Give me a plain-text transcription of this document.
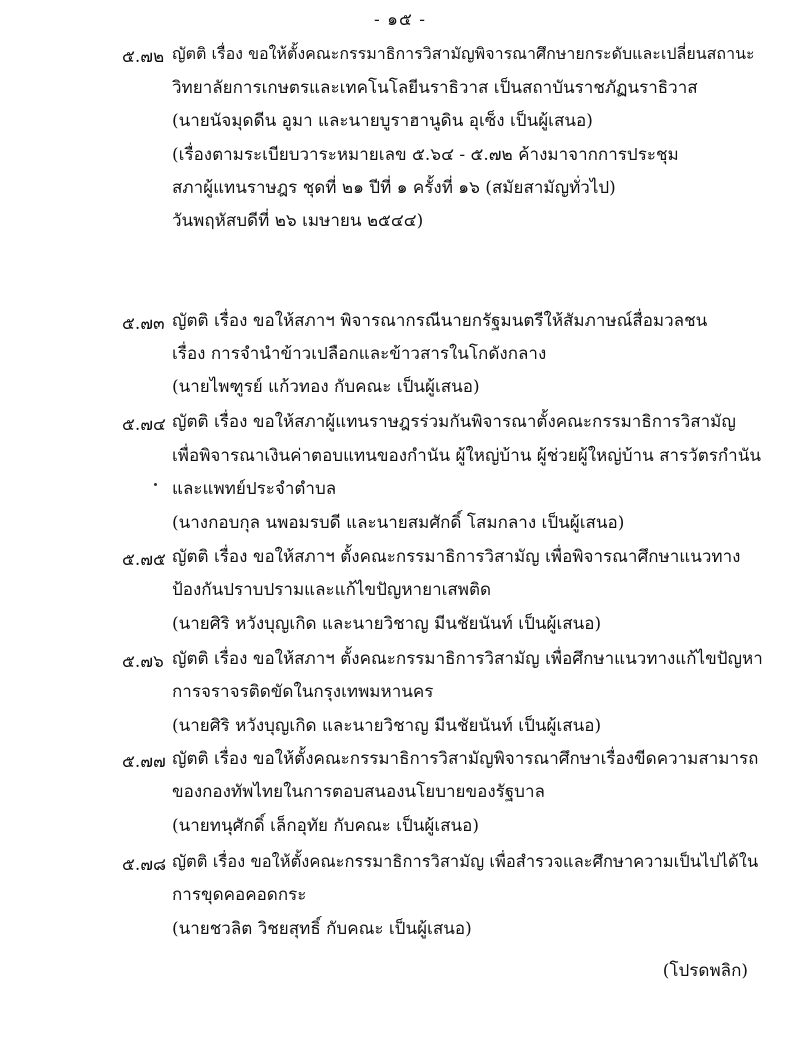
- ๑๕ -
๕.๗๒ ญัตติ เรื่อง ขอให้ตั้งคณะกรรมาธิการวิสามัญพิจารณาศึกษายกระดับและเปลี่ยนสถานะ
วิทยาลัยการเกษตรและเทคโนโลยีนราธิวาส เป็นสถาบันราชภัฏนราธิวาส
(นายนัจมุดดีน อูมา และนายบูราฮานูดิน อุเซ็ง เป็นผู้เสนอ)
(เรื่องตามระเบียบวาระหมายเลข ๕.๖๔ - ๕.๗๒ ค้างมาจากการประชุม
สภาผู้แทนราษฎร ชุดที่ ๒๑ ปีที่ ๑ ครั้งที่ ๑๖ (สมัยสามัญทั่วไป)
วันพฤหัสบดีที่ ๒๖ เมษายน ๒๕๔๔)
๕.๗๓ ญัตติ เรื่อง ขอให้สภาฯ พิจารณากรณีนายกรัฐมนตรีให้สัมภาษณ์สื่อมวลชน
เรื่อง การจำนำข้าวเปลือกและข้าวสารในโกดังกลาง
(นายไพฑูรย์ แก้วทอง กับคณะ เป็นผู้เสนอ)
๕.๗๔ ญัตติ เรื่อง ขอให้สภาผู้แทนราษฎรร่วมกันพิจารณาตั้งคณะกรรมาธิการวิสามัญ
เพื่อพิจารณาเงินค่าตอบแทนของกำนัน ผู้ใหญ่บ้าน ผู้ช่วยผู้ใหญ่บ้าน สารวัตรกำนัน
และแพทย์ประจำตำบล
(นางกอบกุล นพอมรบดี และนายสมศักดิ์ โสมกลาง เป็นผู้เสนอ)
๕.๗๕ ญัตติ เรื่อง ขอให้สภาฯ ตั้งคณะกรรมาธิการวิสามัญ เพื่อพิจารณาศึกษาแนวทาง
ป้องกันปราบปรามและแก้ไขปัญหายาเสพติด
(นายศิริ หวังบุญเกิด และนายวิชาญ มีนชัยนันท์ เป็นผู้เสนอ)
๕.๗๖ ญัตติ เรื่อง ขอให้สภาฯ ตั้งคณะกรรมาธิการวิสามัญ เพื่อศึกษาแนวทางแก้ไขปัญหา
การจราจรติดขัดในกรุงเทพมหานคร
(นายศิริ หวังบุญเกิด และนายวิชาญ มีนชัยนันท์ เป็นผู้เสนอ)
๕.๗๗ ญัตติ เรื่อง ขอให้ตั้งคณะกรรมาธิการวิสามัญพิจารณาศึกษาเรื่องขีดความสามารถ
ของกองทัพไทยในการตอบสนองนโยบายของรัฐบาล
(นายทนุศักดิ์ เล็กอุทัย กับคณะ เป็นผู้เสนอ)
๕.๗๘ ญัตติ เรื่อง ขอให้ตั้งคณะกรรมาธิการวิสามัญ เพื่อสำรวจและศึกษาความเป็นไปได้ใน
การขุดคอคอดกระ
(นายชวลิต วิชยสุทธิ์ กับคณะ เป็นผู้เสนอ)
(โปรดพลิก)
